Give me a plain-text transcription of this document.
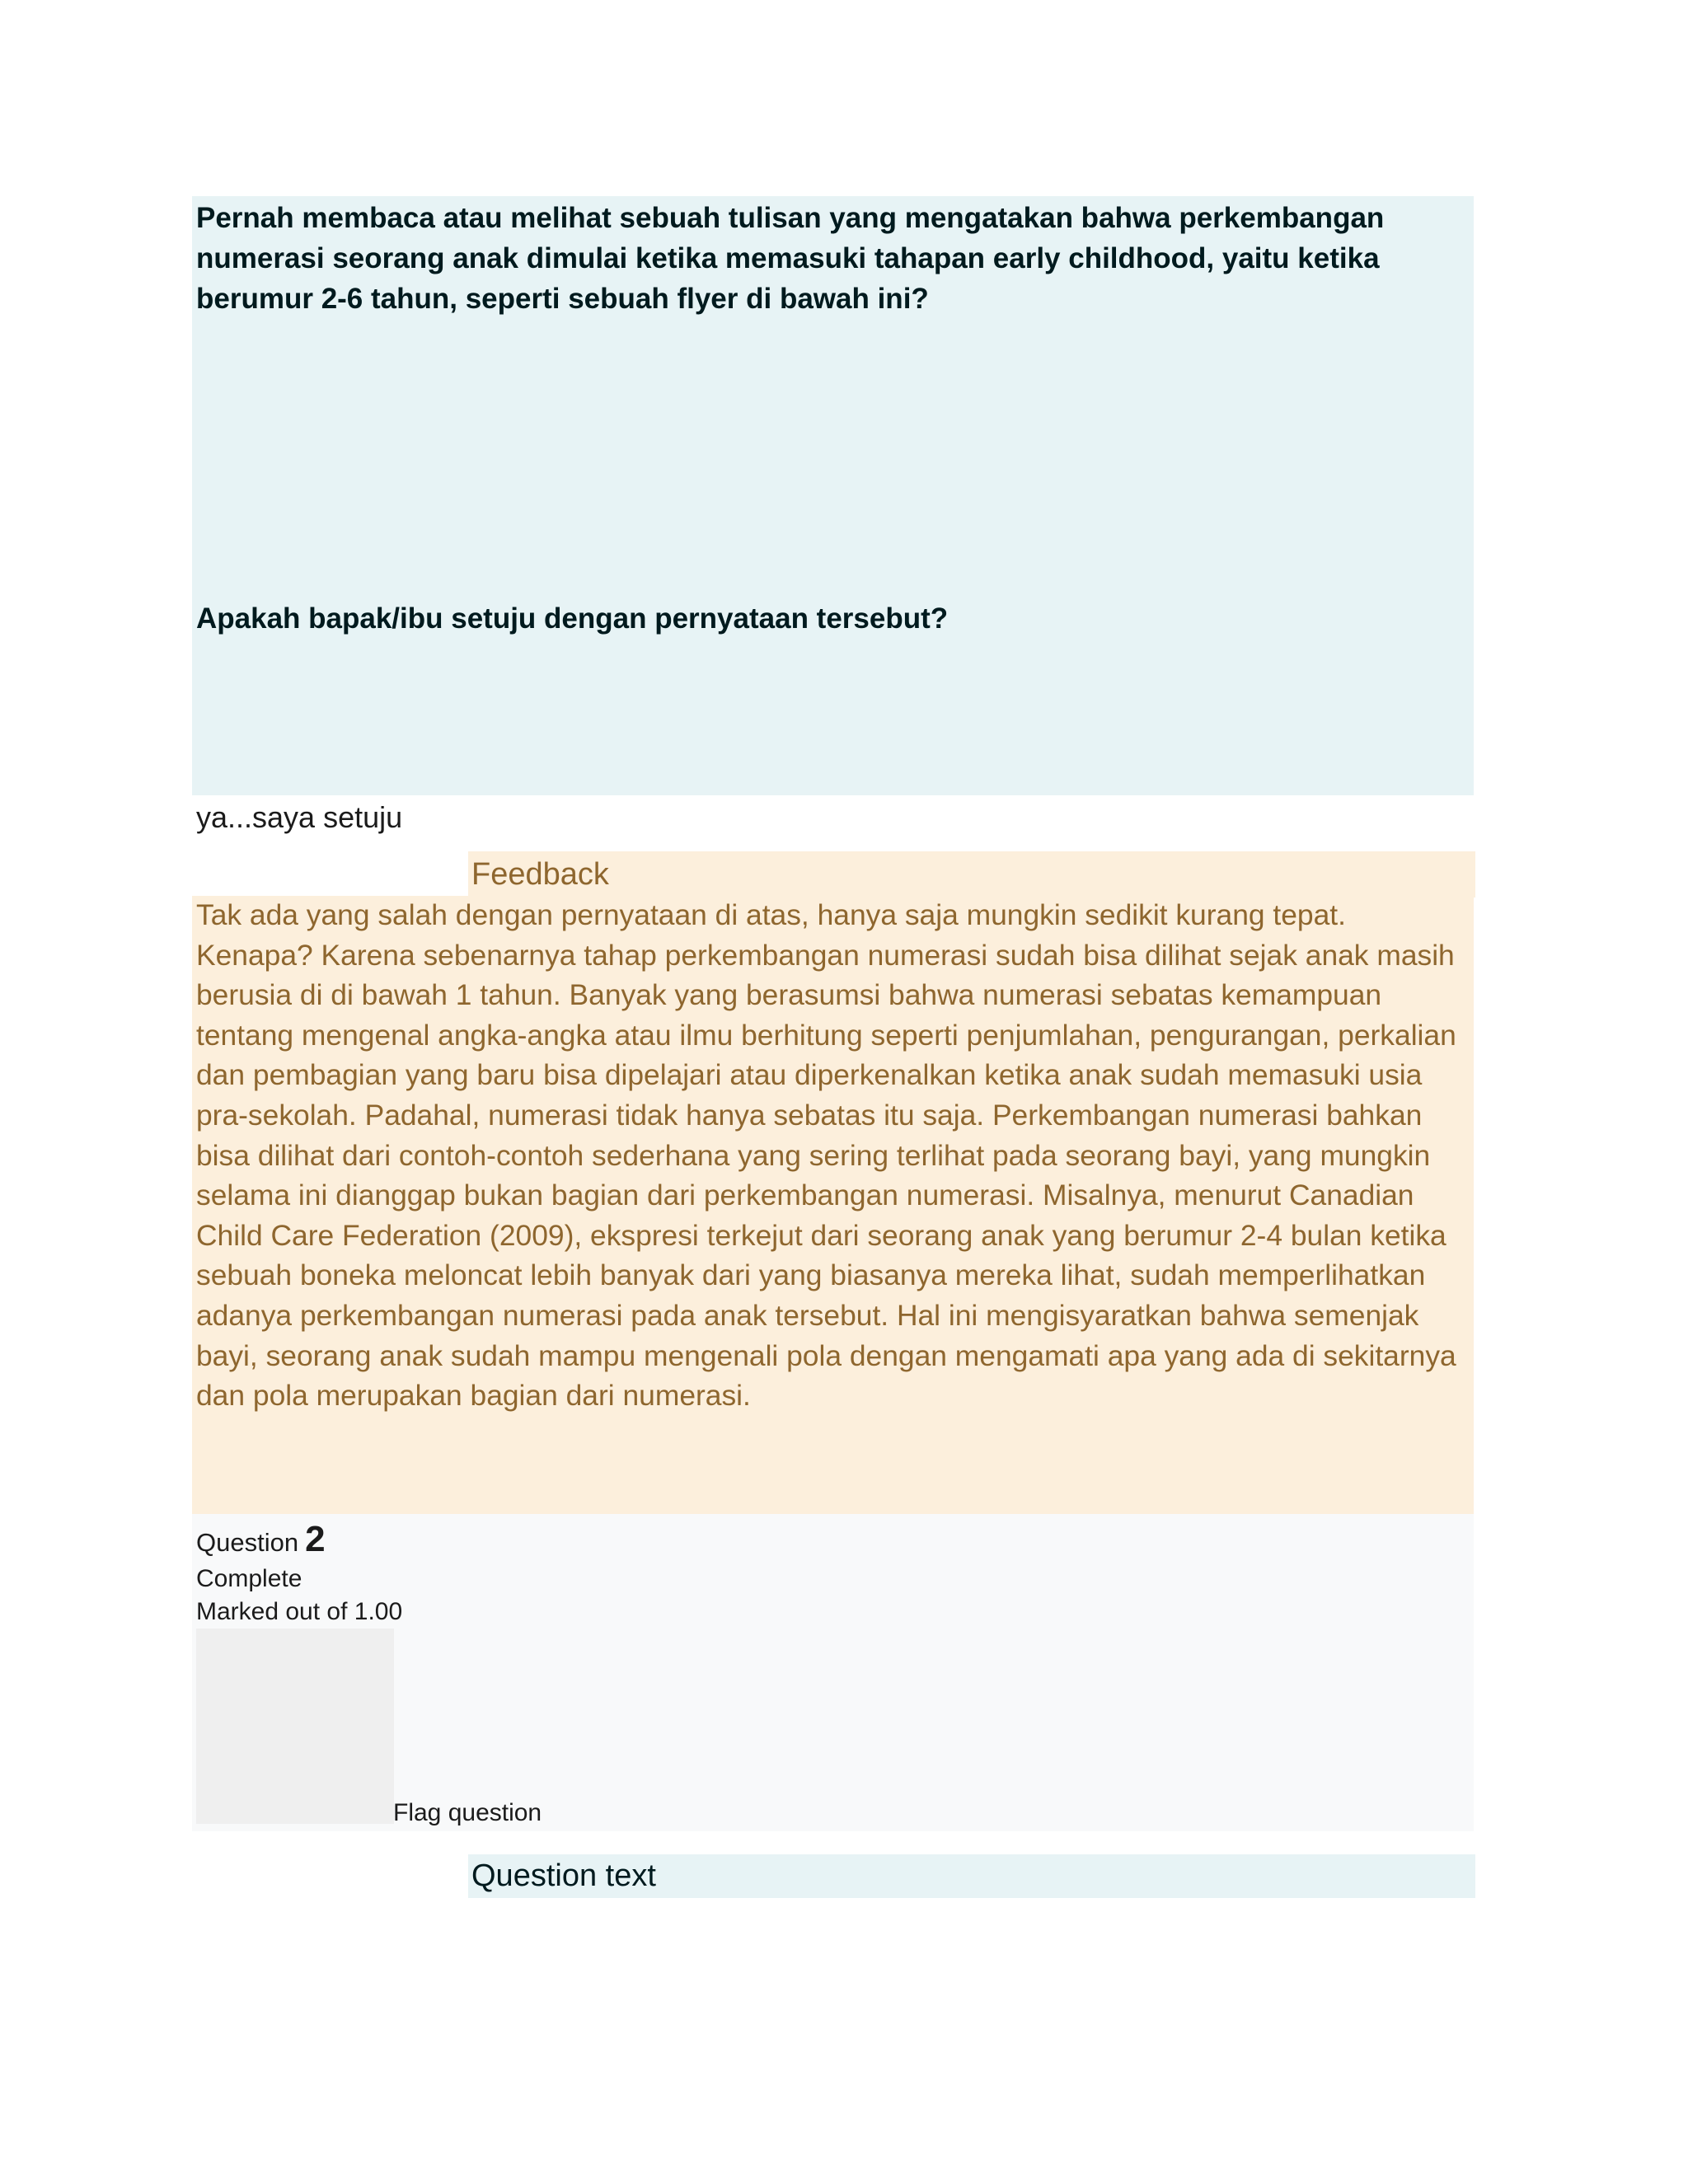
Pernah membaca atau melihat sebuah tulisan yang mengatakan bahwa perkembangan numerasi seorang anak dimulai ketika memasuki tahapan early childhood, yaitu ketika berumur 2-6 tahun, seperti sebuah flyer di bawah ini?

Apakah bapak/ibu setuju dengan pernyataan tersebut?

ya...saya setuju
Feedback

Tak ada yang salah dengan pernyataan di atas, hanya saja mungkin sedikit kurang tepat. Kenapa? Karena sebenarnya tahap perkembangan numerasi sudah bisa dilihat sejak anak masih berusia di di bawah 1 tahun. Banyak yang berasumsi bahwa numerasi sebatas kemampuan tentang mengenal angka-angka atau ilmu berhitung seperti penjumlahan, pengurangan, perkalian dan pembagian yang baru bisa dipelajari atau diperkenalkan ketika anak sudah memasuki usia pra-sekolah. Padahal, numerasi tidak hanya sebatas itu saja. Perkembangan numerasi bahkan bisa dilihat dari contoh-contoh sederhana yang sering terlihat pada seorang bayi, yang mungkin selama ini dianggap bukan bagian dari perkembangan numerasi. Misalnya, menurut Canadian Child Care Federation (2009), ekspresi terkejut dari seorang anak yang berumur 2-4 bulan ketika sebuah boneka meloncat lebih banyak dari yang biasanya mereka lihat, sudah memperlihatkan adanya perkembangan numerasi pada anak tersebut. Hal ini mengisyaratkan bahwa semenjak bayi, seorang anak sudah mampu mengenali pola dengan mengamati apa yang ada di sekitarnya dan pola merupakan bagian dari numerasi.

Question 2
Complete
Marked out of 1.00
Flag question
Question text
